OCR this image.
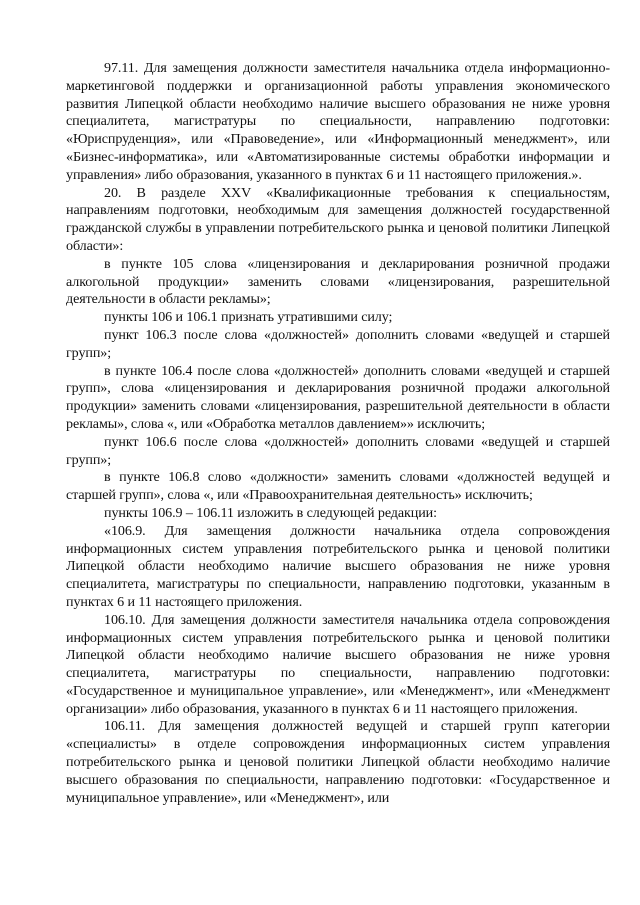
97.11. Для замещения должности заместителя начальника отдела информационно-маркетинговой поддержки и организационной работы управления экономического развития Липецкой области необходимо наличие высшего образования не ниже уровня специалитета, магистратуры по специальности, направлению подготовки: «Юриспруденция», или «Правоведение», или «Информационный менеджмент», или «Бизнес-информатика», или «Автоматизированные системы обработки информации и управления» либо образования, указанного в пунктах 6 и 11 настоящего приложения.».

20. В разделе XXV «Квалификационные требования к специальностям, направлениям подготовки, необходимым для замещения должностей государственной гражданской службы в управлении потребительского рынка и ценовой политики Липецкой области»:

в пункте 105 слова «лицензирования и декларирования розничной продажи алкогольной продукции» заменить словами «лицензирования, разрешительной деятельности в области рекламы»;

пункты 106 и 106.1 признать утратившими силу;

пункт 106.3 после слова «должностей» дополнить словами «ведущей и старшей групп»;

в пункте 106.4 после слова «должностей» дополнить словами «ведущей и старшей групп», слова «лицензирования и декларирования розничной продажи алкогольной продукции» заменить словами «лицензирования, разрешительной деятельности в области рекламы», слова «, или «Обработка металлов давлением»» исключить;

пункт 106.6 после слова «должностей» дополнить словами «ведущей и старшей групп»;

в пункте 106.8 слово «должности» заменить словами «должностей ведущей и старшей групп», слова «, или «Правоохранительная деятельность» исключить;

пункты 106.9 – 106.11 изложить в следующей редакции:

«106.9. Для замещения должности начальника отдела сопровождения информационных систем управления потребительского рынка и ценовой политики Липецкой области необходимо наличие высшего образования не ниже уровня специалитета, магистратуры по специальности, направлению подготовки, указанным в пунктах 6 и 11 настоящего приложения.

106.10. Для замещения должности заместителя начальника отдела сопровождения информационных систем управления потребительского рынка и ценовой политики Липецкой области необходимо наличие высшего образования не ниже уровня специалитета, магистратуры по специальности, направлению подготовки: «Государственное и муниципальное управление», или «Менеджмент», или «Менеджмент организации» либо образования, указанного в пунктах 6 и 11 настоящего приложения.

106.11. Для замещения должностей ведущей и старшей групп категории «специалисты» в отделе сопровождения информационных систем управления потребительского рынка и ценовой политики Липецкой области необходимо наличие высшего образования по специальности, направлению подготовки: «Государственное и муниципальное управление», или «Менеджмент», или
